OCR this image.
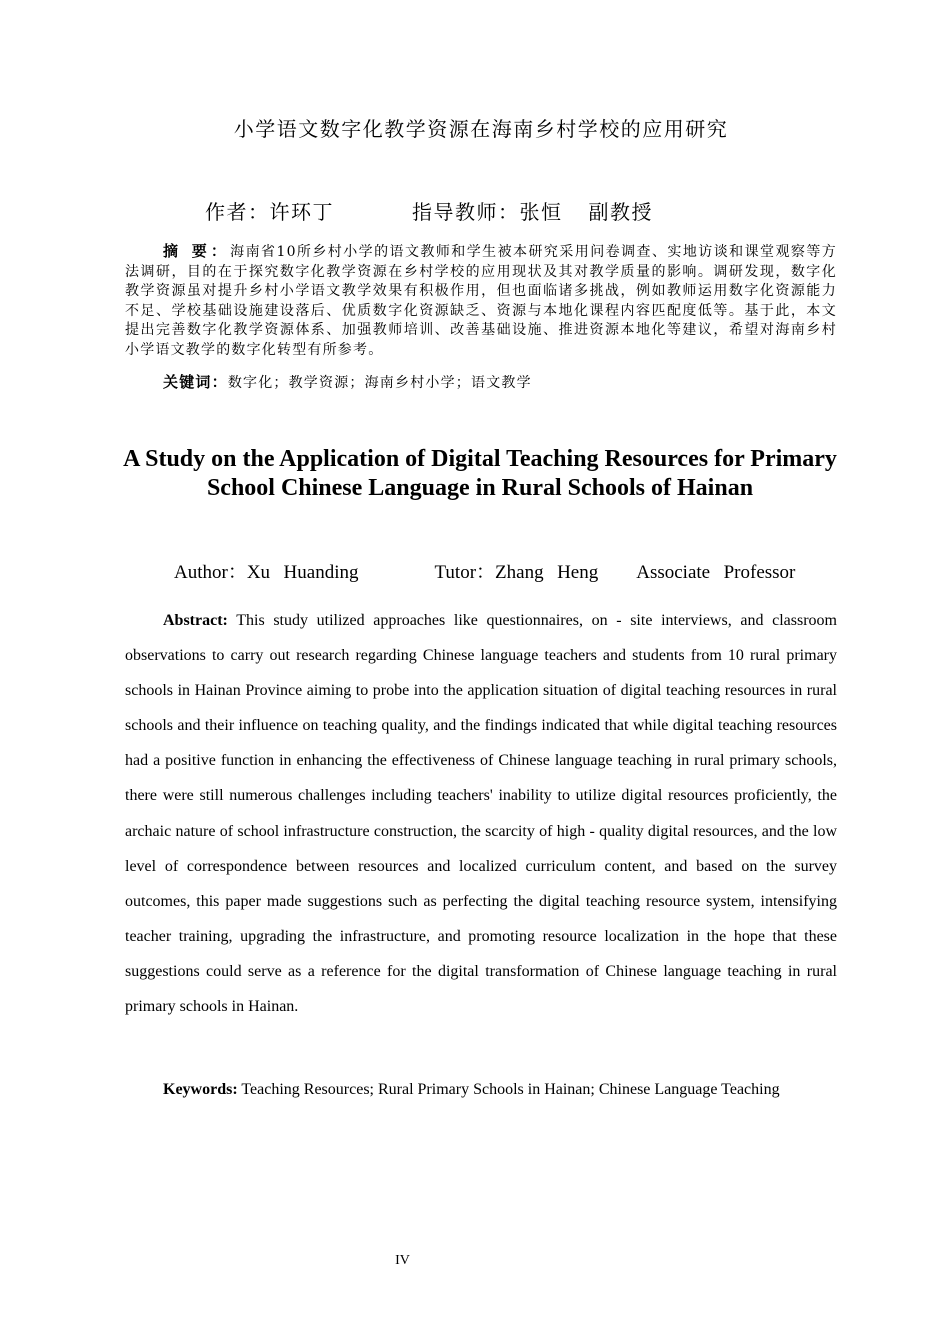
小学语文数字化教学资源在海南乡村学校的应用研究
作者：许环丁	指导教师：张恒 副教授
摘 要：海南省10所乡村小学的语文教师和学生被本研究采用问卷调查、实地访谈和课堂观察等方法调研，目的在于探究数字化教学资源在乡村学校的应用现状及其对教学质量的影响。调研发现，数字化教学资源虽对提升乡村小学语文教学效果有积极作用，但也面临诸多挑战，例如教师运用数字化资源能力不足、学校基础设施建设落后、优质数字化资源缺乏、资源与本地化课程内容匹配度低等。基于此，本文提出完善数字化教学资源体系、加强教师培训、改善基础设施、推进资源本地化等建议，希望对海南乡村小学语文教学的数字化转型有所参考。
关键词：数字化；教学资源；海南乡村小学；语文教学
A Study on the Application of Digital Teaching Resources for Primary School Chinese Language in Rural Schools of Hainan
Author：Xu  Huanding	Tutor：Zhang  Heng Associate  Professor

Abstract: This study utilized approaches like questionnaires, on - site interviews, and classroom observations to carry out research regarding Chinese language teachers and students from 10 rural primary schools in Hainan Province aiming to probe into the application situation of digital teaching resources in rural schools and their influence on teaching quality, and the findings indicated that while digital teaching resources had a positive function in enhancing the effectiveness of Chinese language teaching in rural primary schools, there were still numerous challenges including teachers' inability to utilize digital resources proficiently, the archaic nature of school infrastructure construction, the scarcity of high - quality digital resources, and the low level of correspondence between resources and localized curriculum content, and based on the survey outcomes, this paper made suggestions such as perfecting the digital teaching resource system, intensifying teacher training, upgrading the infrastructure, and promoting resource localization in the hope that these suggestions could serve as a reference for the digital transformation of Chinese language teaching in rural primary schools in Hainan.

Keywords: Teaching Resources; Rural Primary Schools in Hainan; Chinese Language Teaching

IV
